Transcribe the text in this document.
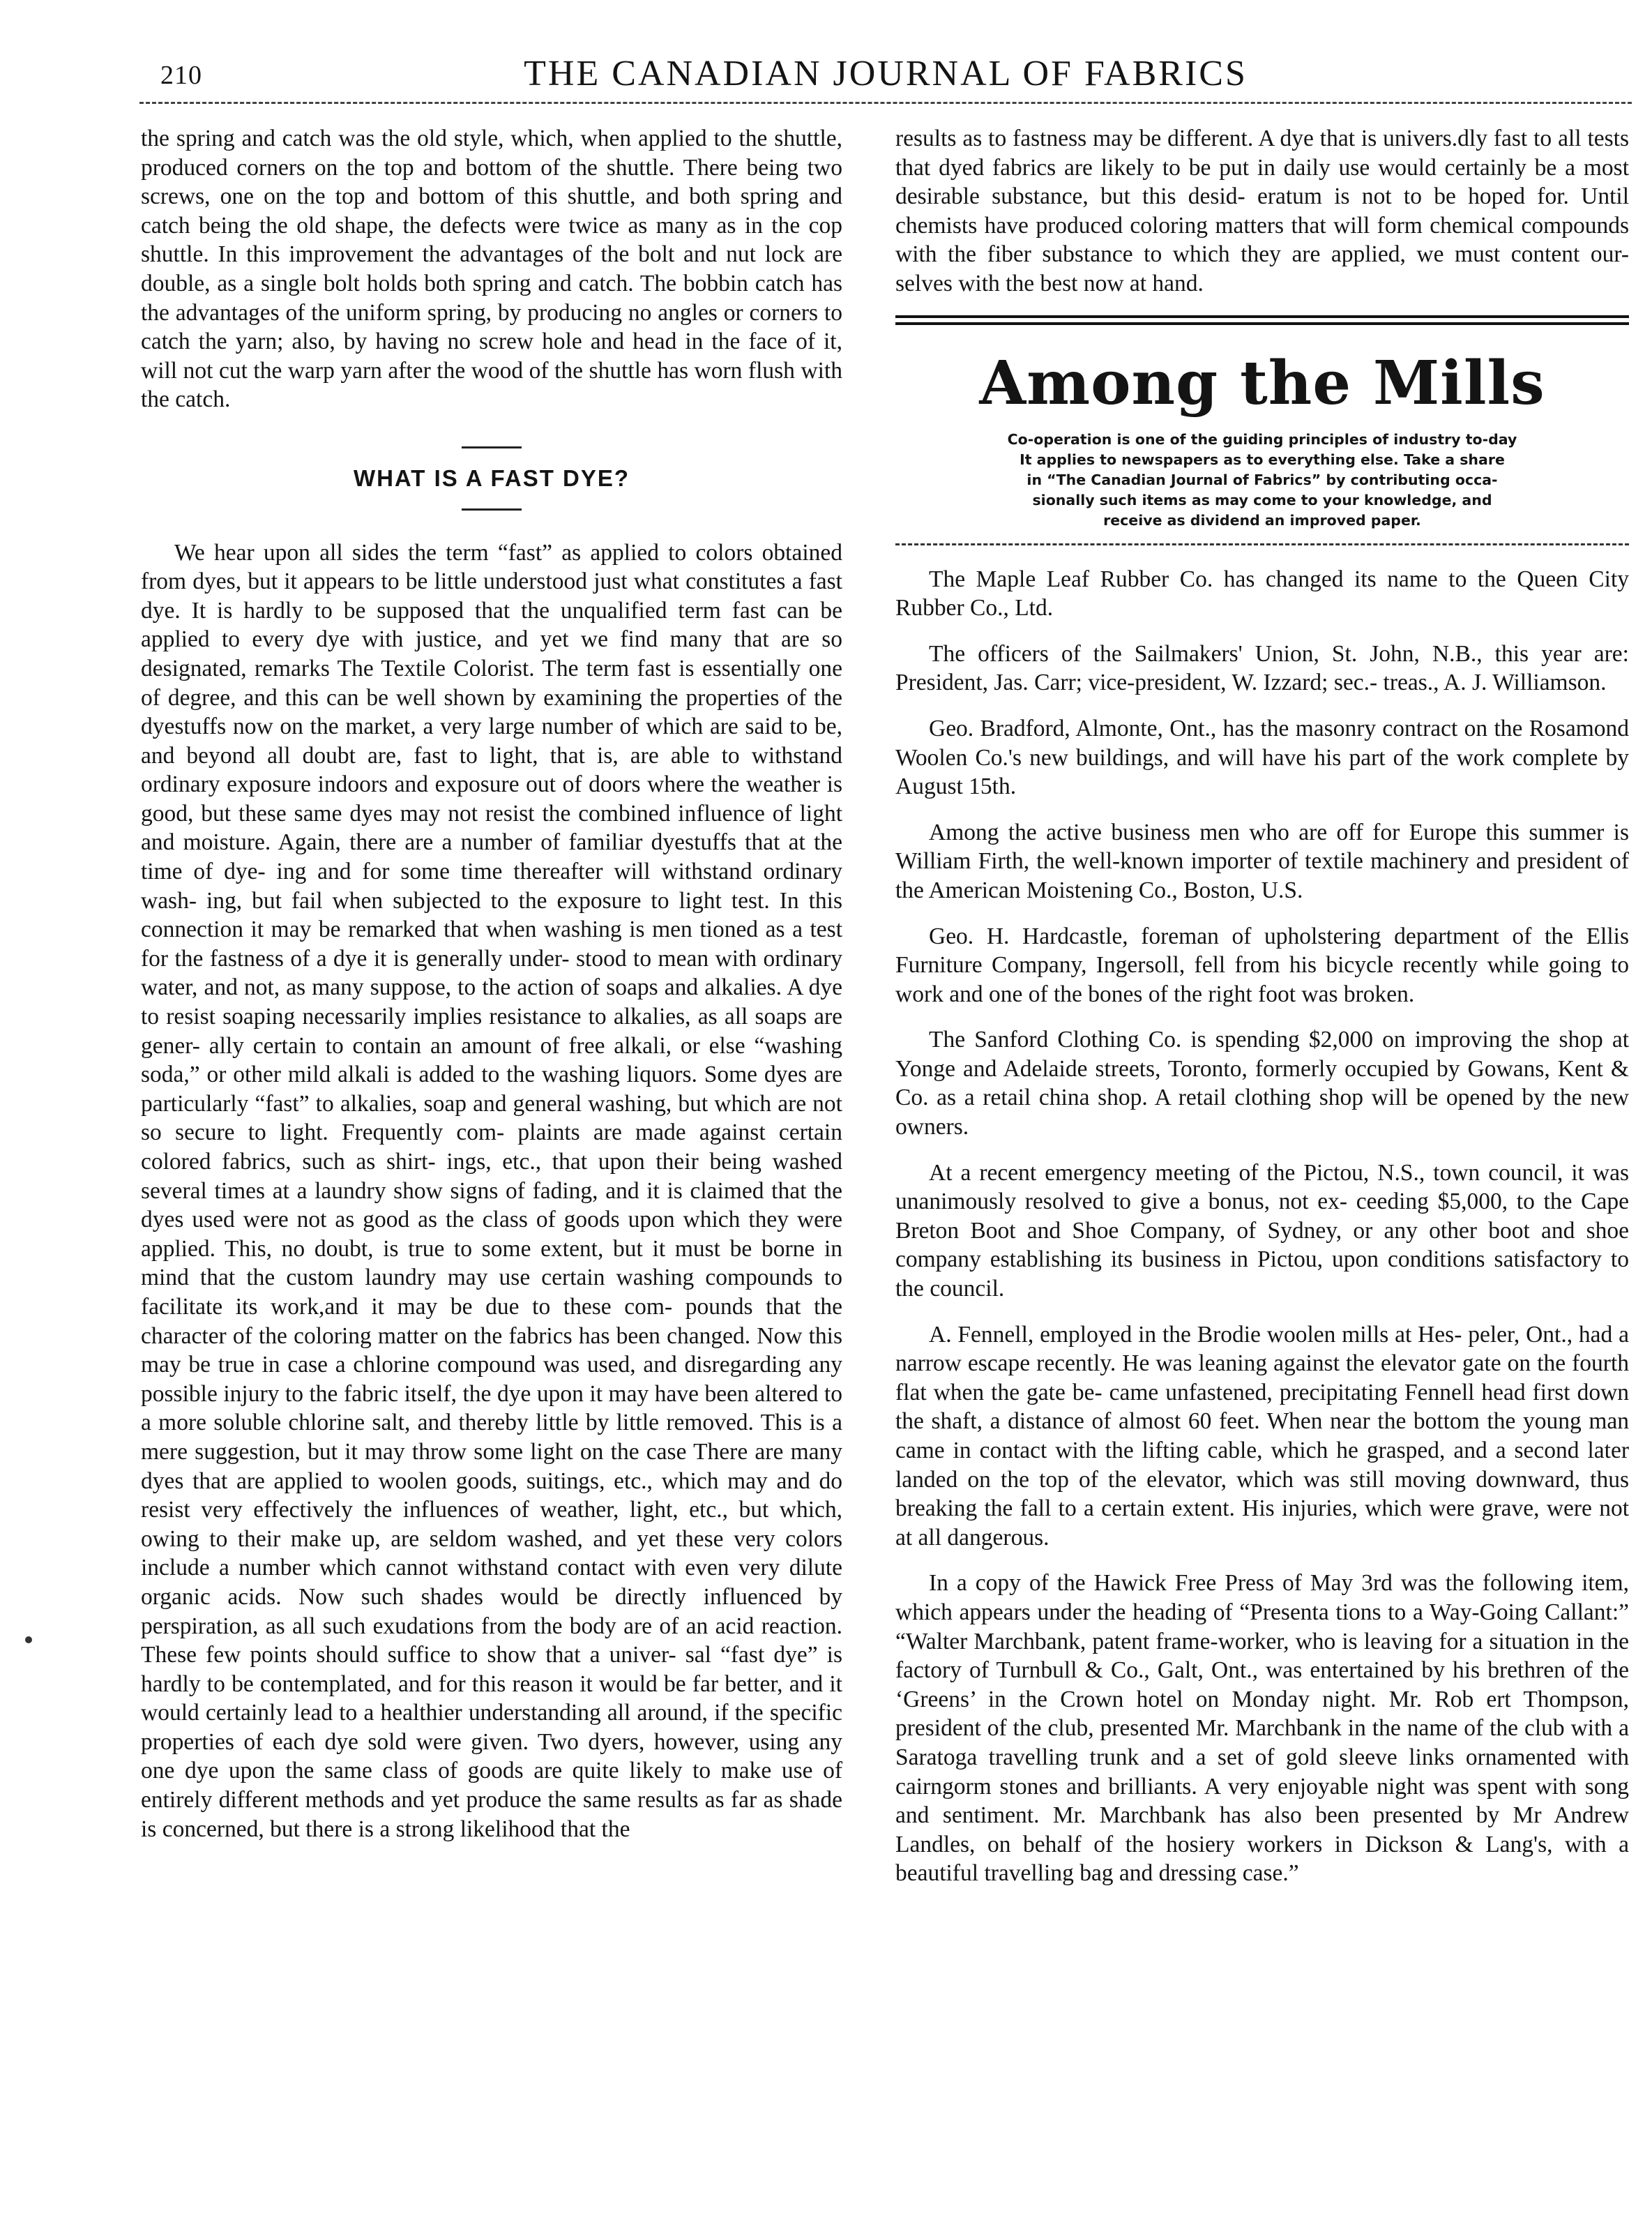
210	THE CANADIAN JOURNAL OF FABRICS

the spring and catch was the old style, which, when applied to the shuttle, produced corners on the top and bottom of the shuttle. There being two screws, one on the top and bottom of this shuttle, and both spring and catch being the old shape, the defects were twice as many as in the cop shuttle. In this improvement the advantages of the bolt and nut lock are double, as a single bolt holds both spring and catch. The bobbin catch has the advantages of the uniform spring, by producing no angles or corners to catch the yarn; also, by having no screw hole and head in the face of it, will not cut the warp yarn after the wood of the shuttle has worn flush with the catch.

WHAT IS A FAST DYE?

We hear upon all sides the term “fast” as applied to colors obtained from dyes, but it appears to be little understood just what constitutes a fast dye. It is hardly to be supposed that the unqualified term fast can be applied to every dye with justice, and yet we find many that are so designated, remarks The Textile Colorist. The term fast is essentially one of degree, and this can be well shown by examining the properties of the dyestuffs now on the market, a very large number of which are said to be, and beyond all doubt are, fast to light, that is, are able to withstand ordinary exposure indoors and exposure out of doors where the weather is good, but these same dyes may not resist the combined influence of light and moisture. Again, there are a number of familiar dyestuffs that at the time of dye- ing and for some time thereafter will withstand ordinary wash- ing, but fail when subjected to the exposure to light test. In this connection it may be remarked that when washing is men tioned as a test for the fastness of a dye it is generally under- stood to mean with ordinary water, and not, as many suppose, to the action of soaps and alkalies. A dye to resist soaping necessarily implies resistance to alkalies, as all soaps are gener- ally certain to contain an amount of free alkali, or else “washing soda,” or other mild alkali is added to the washing liquors. Some dyes are particularly “fast” to alkalies, soap and general washing, but which are not so secure to light. Frequently com- plaints are made against certain colored fabrics, such as shirt- ings, etc., that upon their being washed several times at a laundry show signs of fading, and it is claimed that the dyes used were not as good as the class of goods upon which they were applied. This, no doubt, is true to some extent, but it must be borne in mind that the custom laundry may use certain washing compounds to facilitate its work,and it may be due to these com- pounds that the character of the coloring matter on the fabrics has been changed. Now this may be true in case a chlorine compound was used, and disregarding any possible injury to the fabric itself, the dye upon it may have been altered to a more soluble chlorine salt, and thereby little by little removed. This is a mere suggestion, but it may throw some light on the case There are many dyes that are applied to woolen goods, suitings, etc., which may and do resist very effectively the influences of weather, light, etc., but which, owing to their make up, are seldom washed, and yet these very colors include a number which cannot withstand contact with even very dilute organic acids. Now such shades would be directly influenced by perspiration, as all such exudations from the body are of an acid reaction. These few points should suffice to show that a univer- sal “fast dye” is hardly to be contemplated, and for this reason it would be far better, and it would certainly lead to a healthier understanding all around, if the specific properties of each dye sold were given. Two dyers, however, using any one dye upon the same class of goods are quite likely to make use of entirely different methods and yet produce the same results as far as shade is concerned, but there is a strong likelihood that the

results as to fastness may be different. A dye that is univers.dly fast to all tests that dyed fabrics are likely to be put in daily use would certainly be a most desirable substance, but this desid- eratum is not to be hoped for. Until chemists have produced coloring matters that will form chemical compounds with the fiber substance to which they are applied, we must content our- selves with the best now at hand.

Among the Mills
Co-operation is one of the guiding principles of industry to-day
It applies to newspapers as to everything else. Take a share
in “The Canadian Journal of Fabrics” by contributing occa-
sionally such items as may come to your knowledge, and
receive as dividend an improved paper.

The Maple Leaf Rubber Co. has changed its name to the Queen City Rubber Co., Ltd.

The officers of the Sailmakers' Union, St. John, N.B., this year are: President, Jas. Carr; vice-president, W. Izzard; sec.- treas., A. J. Williamson.

Geo. Bradford, Almonte, Ont., has the masonry contract on the Rosamond Woolen Co.'s new buildings, and will have his part of the work complete by August 15th.

Among the active business men who are off for Europe this summer is William Firth, the well-known importer of textile machinery and president of the American Moistening Co., Boston, U.S.

Geo. H. Hardcastle, foreman of upholstering department of the Ellis Furniture Company, Ingersoll, fell from his bicycle recently while going to work and one of the bones of the right foot was broken.

The Sanford Clothing Co. is spending $2,000 on improving the shop at Yonge and Adelaide streets, Toronto, formerly occupied by Gowans, Kent & Co. as a retail china shop. A retail clothing shop will be opened by the new owners.

At a recent emergency meeting of the Pictou, N.S., town council, it was unanimously resolved to give a bonus, not ex- ceeding $5,000, to the Cape Breton Boot and Shoe Company, of Sydney, or any other boot and shoe company establishing its business in Pictou, upon conditions satisfactory to the council.

A. Fennell, employed in the Brodie woolen mills at Hes- peler, Ont., had a narrow escape recently. He was leaning against the elevator gate on the fourth flat when the gate be- came unfastened, precipitating Fennell head first down the shaft, a distance of almost 60 feet. When near the bottom the young man came in contact with the lifting cable, which he grasped, and a second later landed on the top of the elevator, which was still moving downward, thus breaking the fall to a certain extent. His injuries, which were grave, were not at all dangerous.

In a copy of the Hawick Free Press of May 3rd was the following item, which appears under the heading of “Presenta tions to a Way-Going Callant:” “Walter Marchbank, patent frame-worker, who is leaving for a situation in the factory of Turnbull & Co., Galt, Ont., was entertained by his brethren of the ‘Greens’ in the Crown hotel on Monday night. Mr. Rob ert Thompson, president of the club, presented Mr. Marchbank in the name of the club with a Saratoga travelling trunk and a set of gold sleeve links ornamented with cairngorm stones and brilliants. A very enjoyable night was spent with song and sentiment. Mr. Marchbank has also been presented by Mr Andrew Landles, on behalf of the hosiery workers in Dickson & Lang's, with a beautiful travelling bag and dressing case.”
